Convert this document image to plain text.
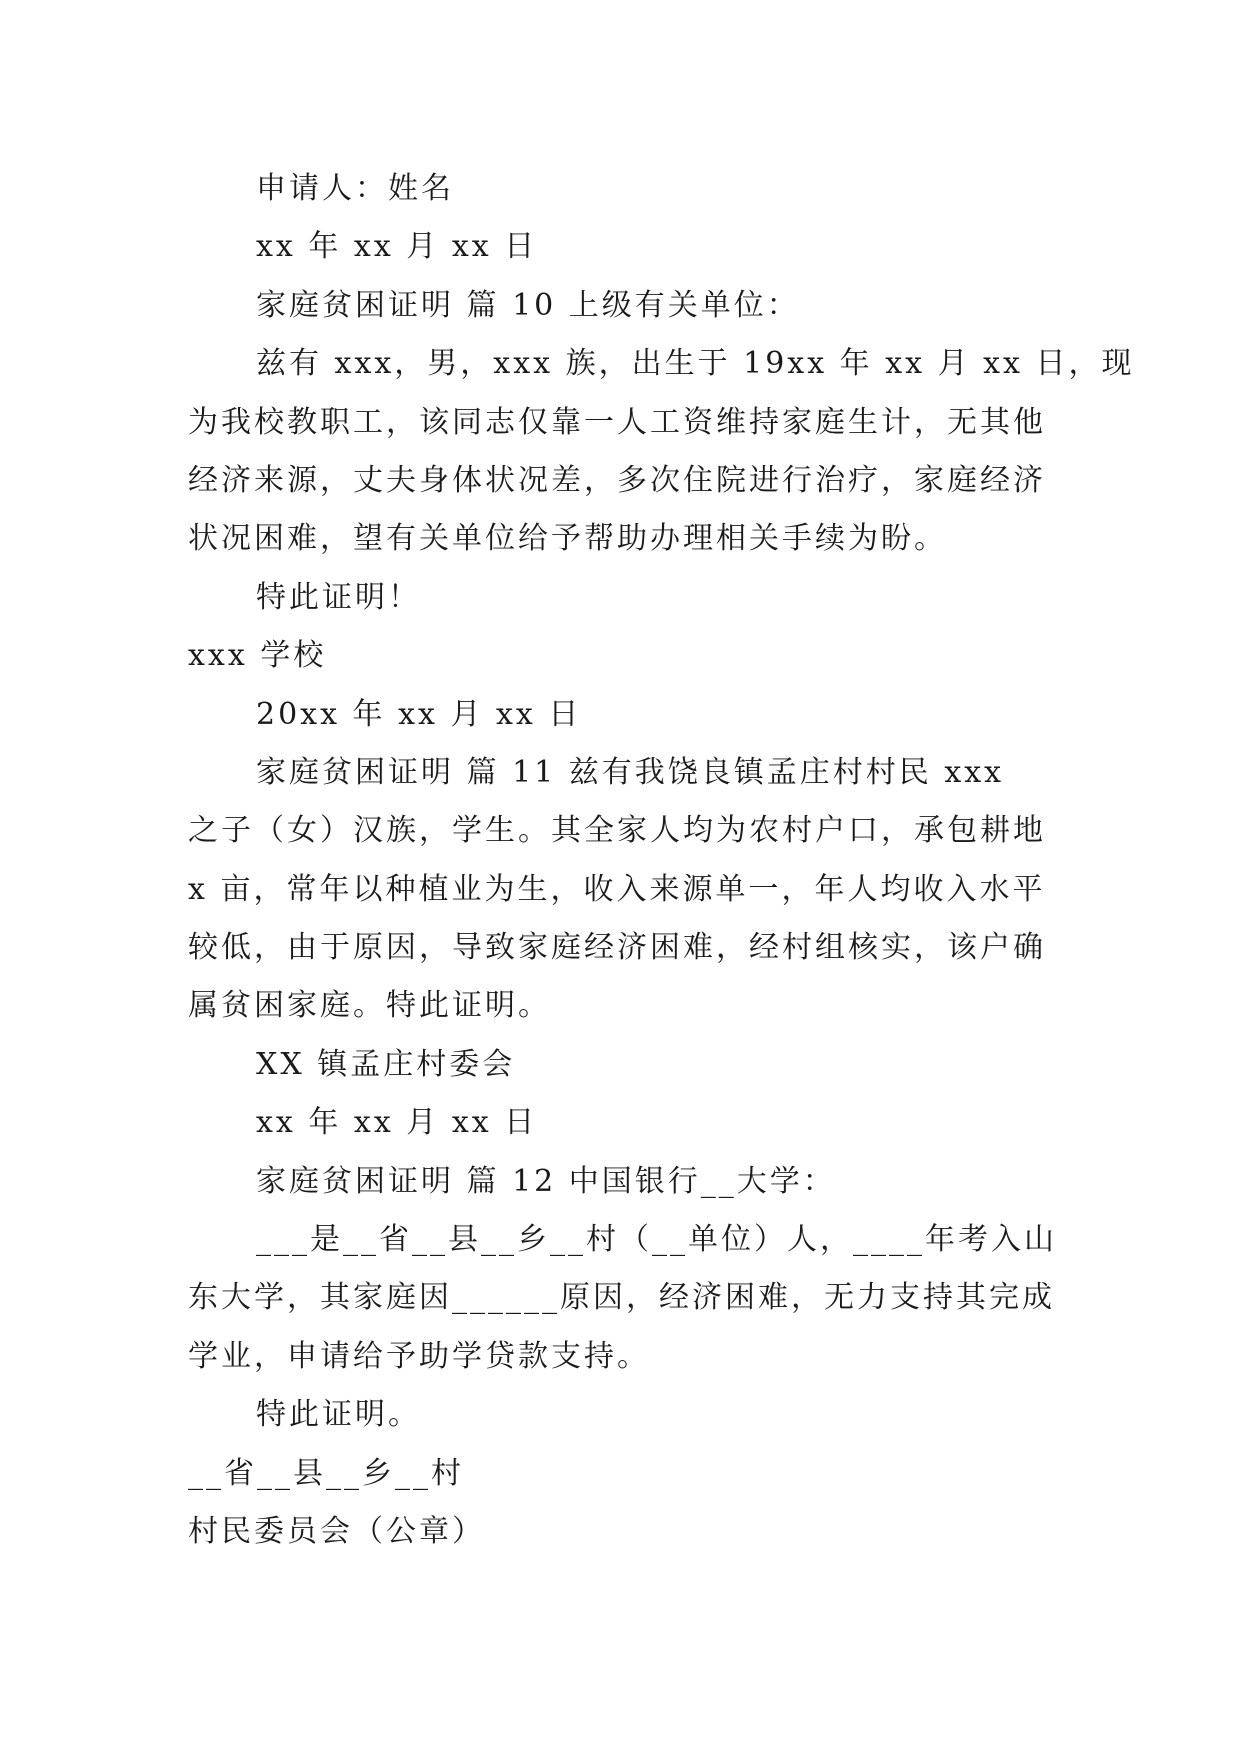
申请人：姓名
xx 年 xx 月 xx 日
家庭贫困证明 篇 10 上级有关单位：
兹有 xxx，男，xxx 族，出生于 19xx 年 xx 月 xx 日，现
为我校教职工，该同志仅靠一人工资维持家庭生计，无其他
经济来源，丈夫身体状况差，多次住院进行治疗，家庭经济
状况困难，望有关单位给予帮助办理相关手续为盼。
特此证明！
xxx 学校
20xx 年 xx 月 xx 日
家庭贫困证明 篇 11 兹有我饶良镇孟庄村村民 xxx
之子（女）汉族，学生。其全家人均为农村户口，承包耕地
x 亩，常年以种植业为生，收入来源单一，年人均收入水平
较低，由于原因，导致家庭经济困难，经村组核实，该户确
属贫困家庭。特此证明。
XX 镇孟庄村委会
xx 年 xx 月 xx 日
家庭贫困证明 篇 12 中国银行__大学：
___是__省__县__乡__村（__单位）人，____年考入山
东大学，其家庭因______原因，经济困难，无力支持其完成
学业，申请给予助学贷款支持。
特此证明。
__省__县__乡__村
村民委员会（公章）
